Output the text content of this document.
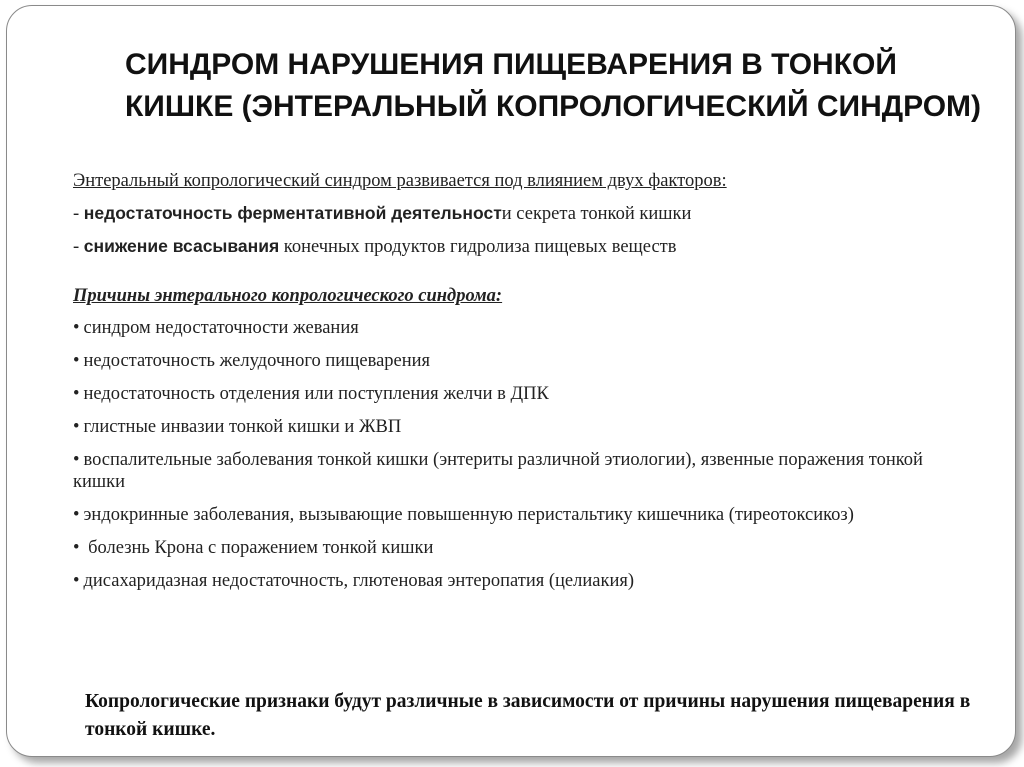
СИНДРОМ НАРУШЕНИЯ ПИЩЕВАРЕНИЯ В ТОНКОЙ КИШКЕ (ЭНТЕРАЛЬНЫЙ КОПРОЛОГИЧЕСКИЙ СИНДРОМ)

Энтеральный копрологический синдром развивается под влиянием двух факторов:

- недостаточность ферментативной деятельности секрета тонкой кишки

- снижение всасывания конечных продуктов гидролиза пищевых веществ

Причины энтерального копрологического синдрома:

• синдром недостаточности жевания

• недостаточность желудочного пищеварения

• недостаточность отделения или поступления желчи в ДПК

• глистные инвазии тонкой кишки и ЖВП

• воспалительные заболевания тонкой кишки (энтериты различной этиологии), язвенные поражения тонкой кишки

• эндокринные заболевания, вызывающие повышенную перистальтику кишечника (тиреотоксикоз)

• болезнь Крона с поражением тонкой кишки

• дисахаридазная недостаточность, глютеновая энтеропатия (целиакия)

Копрологические признаки будут различные в зависимости от причины нарушения пищеварения в тонкой кишке.
